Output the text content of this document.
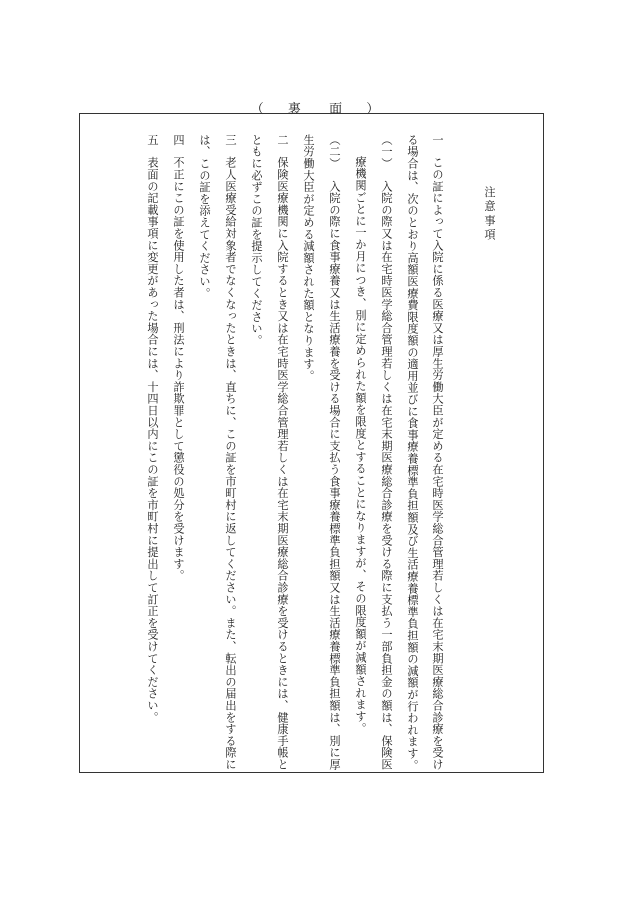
（ 裏 面 ）
注意事項
一この証によって入院に係る医療又は厚生労働大臣が定める在宅時医学総合管理若しくは在宅末期医療総合診療を受け
る場合は、次のとおり高額医療費限度額の適用並びに食事療養標準負担額及び生活療養標準負担額の減額が行われます。
（一）入院の際又は在宅時医学総合管理若しくは在宅末期医療総合診療を受ける際に支払う一部負担金の額は、保険医
療機関ごとに一か月につき、別に定められた額を限度とすることになりますが、その限度額が減額されます。
（二）入院の際に食事療養又は生活療養を受ける場合に支払う食事療養標準負担額又は生活療養標準負担額は、別に厚
生労働大臣が定める減額された額となります。
二保険医療機関に入院するとき又は在宅時医学総合管理若しくは在宅末期医療総合診療を受けるときには、健康手帳と
ともに必ずこの証を提示してください。
三老人医療受給対象者でなくなったときは、直ちに、この証を市町村に返してください。また、転出の届出をする際に
は、この証を添えてください。
四不正にこの証を使用した者は、刑法により詐欺罪として懲役の処分を受けます。
五表面の記載事項に変更があった場合には、十四日以内にこの証を市町村に提出して訂正を受けてください。
